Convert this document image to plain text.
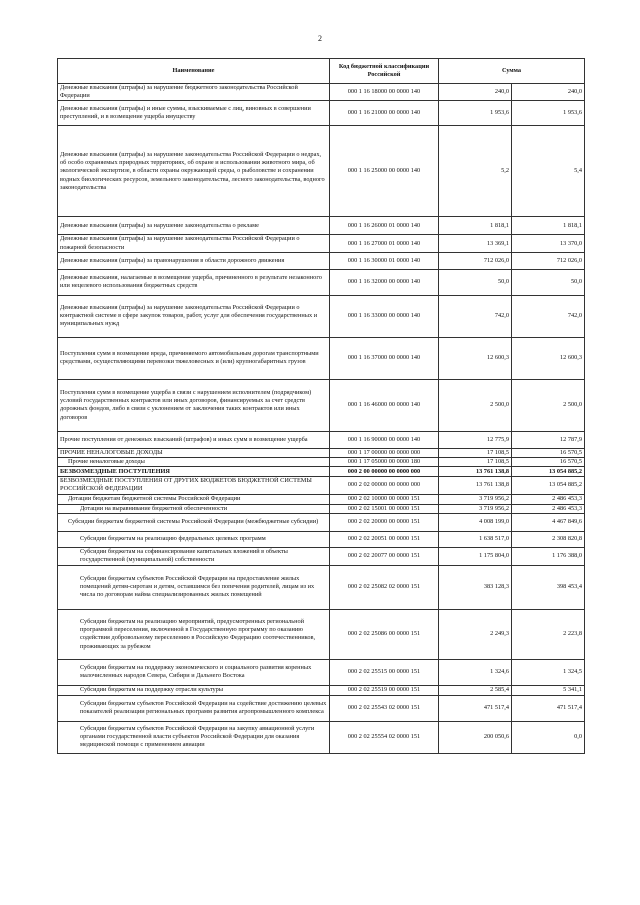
2
Наименование	Код бюджетной классификации Российской	Сумма	
Денежные взыскания (штрафы) за нарушение бюджетного законодательства Российской Федерации	000 1 16 18000 00 0000 140	240,0	240,0
Денежные взыскания (штрафы) и иные суммы, взыскиваемые с лиц, виновных в совершении преступлений, и в возмещение ущерба имуществу	000 1 16 21000 00 0000 140	1 953,6	1 953,6
Денежные взыскания (штрафы) за нарушение законодательства Российской Федерации о недрах, об особо охраняемых природных территориях, об охране и использовании животного мира, об экологической экспертизе, в области охраны окружающей среды, о рыболовстве и сохранении водных биологических ресурсов, земельного законодательства, лесного законодательства, водного законодательства	000 1 16 25000 00 0000 140	5,2	5,4
Денежные взыскания (штрафы) за нарушение законодательства о рекламе	000 1 16 26000 01 0000 140	1 818,1	1 818,1
Денежные взыскания (штрафы) за нарушение законодательства Российской Федерации о пожарной безопасности	000 1 16 27000 01 0000 140	13 369,1	13 370,0
Денежные взыскания (штрафы) за правонарушения в области дорожного движения	000 1 16 30000 01 0000 140	712 026,0	712 026,0
Денежные взыскания, налагаемые в возмещение ущерба, причиненного в результате незаконного или нецелевого использования бюджетных средств	000 1 16 32000 00 0000 140	50,0	50,0
Денежные взыскания (штрафы) за нарушение законодательства Российской Федерации о контрактной системе в сфере закупок товаров, работ, услуг для обеспечения государственных и муниципальных нужд	000 1 16 33000 00 0000 140	742,0	742,0
Поступления сумм в возмещение вреда, причиняемого автомобильным дорогам транспортными средствами, осуществляющими перевозки тяжеловесных и (или) крупногабаритных грузов	000 1 16 37000 00 0000 140	12 600,3	12 600,3
Поступления сумм в возмещение ущерба в связи с нарушением исполнителем (подрядчиком) условий государственных контрактов или иных договоров, финансируемых за счет средств дорожных фондов, либо в связи с уклонением от заключения таких контрактов или иных договоров	000 1 16 46000 00 0000 140	2 500,0	2 500,0
Прочие поступления от денежных взысканий (штрафов) и иных сумм в возмещение ущерба	000 1 16 90000 00 0000 140	12 775,9	12 787,9
ПРОЧИЕ НЕНАЛОГОВЫЕ ДОХОДЫ	000 1 17 00000 00 0000 000	17 108,5	16 570,5
Прочие неналоговые доходы	000 1 17 05000 00 0000 180	17 108,5	16 570,5
БЕЗВОЗМЕЗДНЫЕ ПОСТУПЛЕНИЯ	000 2 00 00000 00 0000 000	13 761 138,8	13 054 885,2
БЕЗВОЗМЕЗДНЫЕ ПОСТУПЛЕНИЯ ОТ ДРУГИХ БЮДЖЕТОВ БЮДЖЕТНОЙ СИСТЕМЫ РОССИЙСКОЙ ФЕДЕРАЦИИ	000 2 02 00000 00 0000 000	13 761 138,8	13 054 885,2
Дотации бюджетам бюджетной системы Российской Федерации	000 2 02 10000 00 0000 151	3 719 956,2	2 486 453,3
Дотации на выравнивание бюджетной обеспеченности	000 2 02 15001 00 0000 151	3 719 956,2	2 486 453,3
Субсидии бюджетам бюджетной системы Российской Федерации (межбюджетные субсидии)	000 2 02 20000 00 0000 151	4 008 199,0	4 467 849,6
Субсидии бюджетам на реализацию федеральных целевых программ	000 2 02 20051 00 0000 151	1 638 517,0	2 308 820,8
Субсидии бюджетам на софинансирование капитальных вложений в объекты государственной (муниципальной) собственности	000 2 02 20077 00 0000 151	1 175 804,0	1 176 388,0
Субсидии бюджетам субъектов Российской Федерации на предоставление жилых помещений детям-сиротам и детям, оставшимся без попечения родителей, лицам из их числа по договорам найма специализированных жилых помещений	000 2 02 25082 02 0000 151	383 128,3	398 453,4
Субсидии бюджетам на реализацию мероприятий, предусмотренных региональной программой переселения, включенной в Государственную программу по оказанию содействия добровольному переселению в Российскую Федерацию соотечественников, проживающих за рубежом	000 2 02 25086 00 0000 151	2 249,3	2 223,8
Субсидии бюджетам на поддержку экономического и социального развития коренных малочисленных народов Севера, Сибири и Дальнего Востока	000 2 02 25515 00 0000 151	1 324,6	1 324,5
Субсидии бюджетам на поддержку отрасли культуры	000 2 02 25519 00 0000 151	2 585,4	5 341,1
Субсидии бюджетам субъектов Российской Федерации на содействие достижению целевых показателей реализации региональных программ развития агропромышленного комплекса	000 2 02 25543 02 0000 151	471 517,4	471 517,4
Субсидии бюджетам субъектов Российской Федерации на закупку авиационной услуги органами государственной власти субъектов Российской Федерации для оказания медицинской помощи с применением авиации	000 2 02 25554 02 0000 151	200 050,6	0,0
